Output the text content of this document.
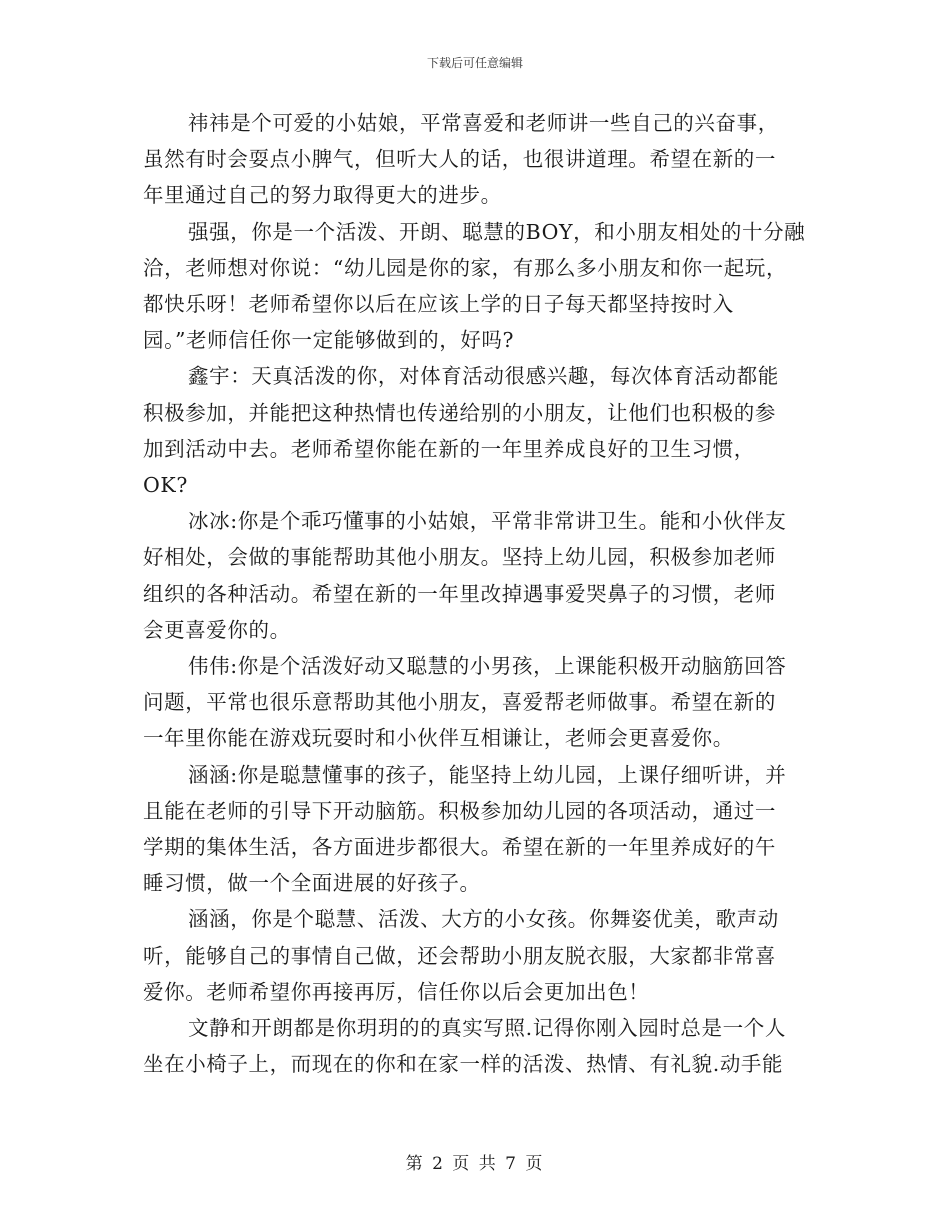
下载后可任意编辑
祎祎是个可爱的小姑娘，平常喜爱和老师讲一些自己的兴奋事，
虽然有时会耍点小脾气，但听大人的话，也很讲道理。希望在新的一
年里通过自己的努力取得更大的进步。
强强，你是一个活泼、开朗、聪慧的BOY，和小朋友相处的十分融
洽，老师想对你说：“幼儿园是你的家，有那么多小朋友和你一起玩，
都快乐呀！老师希望你以后在应该上学的日子每天都坚持按时入
园。”老师信任你一定能够做到的，好吗?
鑫宇：天真活泼的你，对体育活动很感兴趣，每次体育活动都能
积极参加，并能把这种热情也传递给别的小朋友，让他们也积极的参
加到活动中去。老师希望你能在新的一年里养成良好的卫生习惯，
OK?
冰冰:你是个乖巧懂事的小姑娘，平常非常讲卫生。能和小伙伴友
好相处，会做的事能帮助其他小朋友。坚持上幼儿园，积极参加老师
组织的各种活动。希望在新的一年里改掉遇事爱哭鼻子的习惯，老师
会更喜爱你的。
伟伟:你是个活泼好动又聪慧的小男孩，上课能积极开动脑筋回答
问题，平常也很乐意帮助其他小朋友，喜爱帮老师做事。希望在新的
一年里你能在游戏玩耍时和小伙伴互相谦让，老师会更喜爱你。
涵涵:你是聪慧懂事的孩子，能坚持上幼儿园，上课仔细听讲，并
且能在老师的引导下开动脑筋。积极参加幼儿园的各项活动，通过一
学期的集体生活，各方面进步都很大。希望在新的一年里养成好的午
睡习惯，做一个全面进展的好孩子。
涵涵，你是个聪慧、活泼、大方的小女孩。你舞姿优美，歌声动
听，能够自己的事情自己做，还会帮助小朋友脱衣服，大家都非常喜
爱你。老师希望你再接再厉，信任你以后会更加出色！
文静和开朗都是你玥玥的的真实写照.记得你刚入园时总是一个人
坐在小椅子上，而现在的你和在家一样的活泼、热情、有礼貌.动手能
第 2 页 共 7 页
